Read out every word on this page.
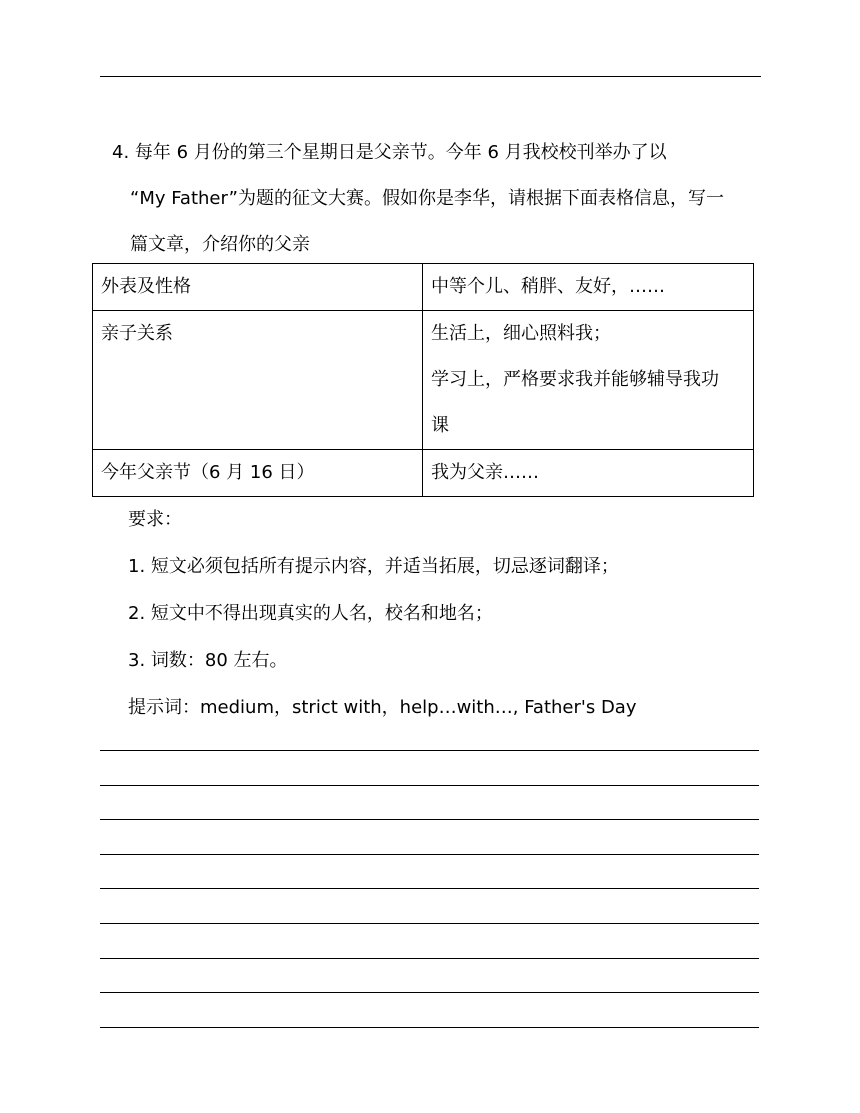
4. 每年 6 月份的第三个星期日是父亲节。今年 6 月我校校刊举办了以
“My Father”为题的征文大赛。假如你是李华，请根据下面表格信息，写一
篇文章，介绍你的父亲
外表及性格	中等个儿、稍胖、友好，……

亲子关系	生活上，细心照料我；
学习上，严格要求我并能够辅导我功
课

今年父亲节（6 月 16 日）	我为父亲……
要求：
1. 短文必须包括所有提示内容，并适当拓展，切忌逐词翻译；
2. 短文中不得出现真实的人名，校名和地名；
3. 词数：80 左右。
提示词：medium，strict with，help…with…, Father's Day
